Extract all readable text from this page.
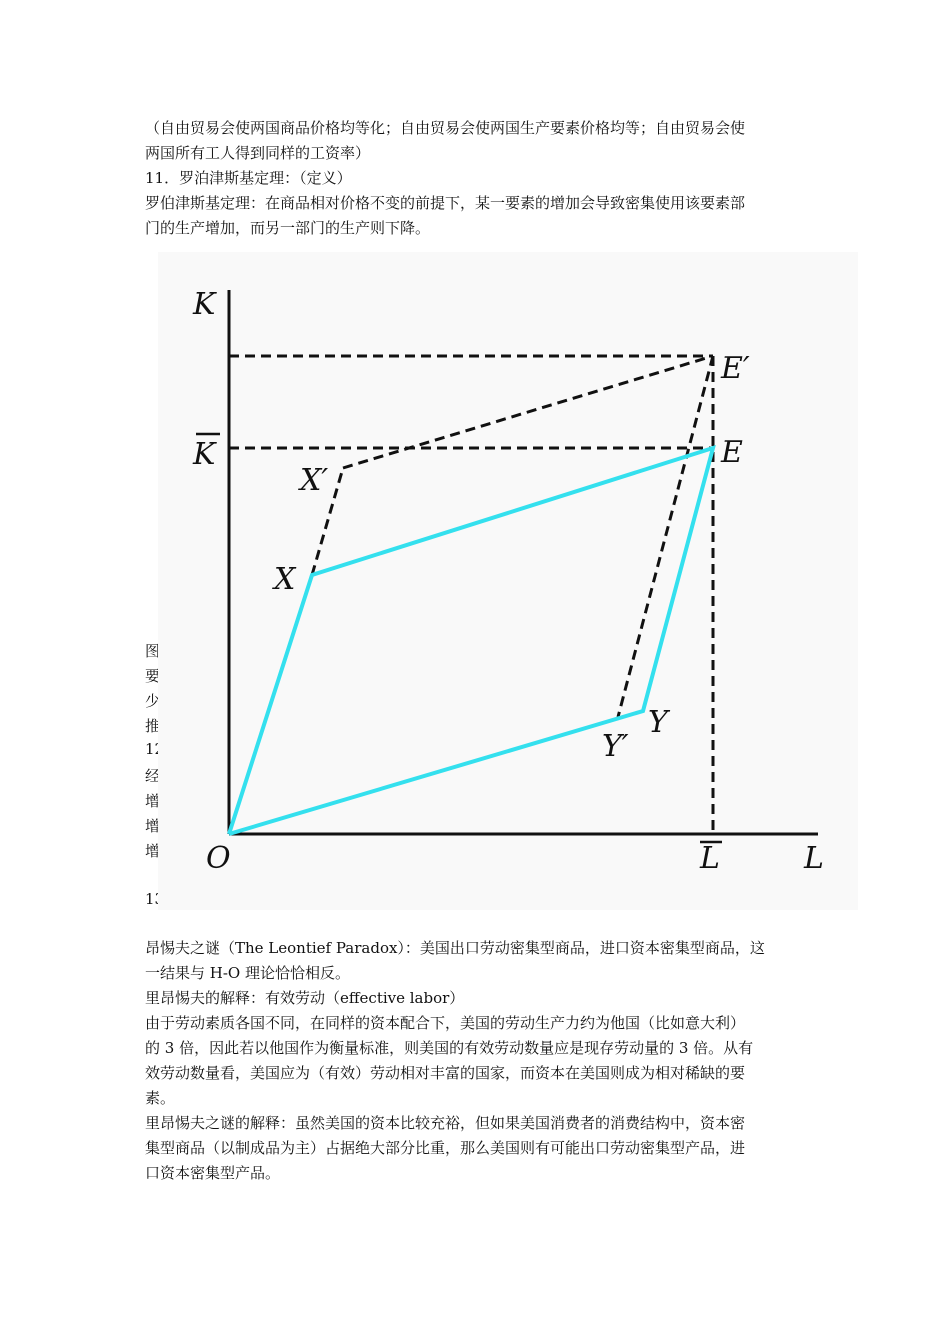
（自由贸易会使两国商品价格均等化；自由贸易会使两国生产要素价格均等；自由贸易会使
两国所有工人得到同样的工资率）
11．罗泊津斯基定理：（定义）
罗伯津斯基定理：在商品相对价格不变的前提下，某一要素的增加会导致密集使用该要素部
门的生产增加，而另一部门的生产则下降。
图
要
少
推
12
经
增
增
增
13
K
K
E′
E
X′
X
Y
Y′
O	L	L
昂惕夫之谜（The Leontief Paradox）：美国出口劳动密集型商品，进口资本密集型商品，这
一结果与 H-O 理论恰恰相反。
里昂惕夫的解释：有效劳动（effective labor）
由于劳动素质各国不同，在同样的资本配合下，美国的劳动生产力约为他国（比如意大利）
的 3 倍，因此若以他国作为衡量标准，则美国的有效劳动数量应是现存劳动量的 3 倍。从有
效劳动数量看，美国应为（有效）劳动相对丰富的国家，而资本在美国则成为相对稀缺的要
素。
里昂惕夫之谜的解释：虽然美国的资本比较充裕，但如果美国消费者的消费结构中，资本密
集型商品（以制成品为主）占据绝大部分比重，那么美国则有可能出口劳动密集型产品，进
口资本密集型产品。
